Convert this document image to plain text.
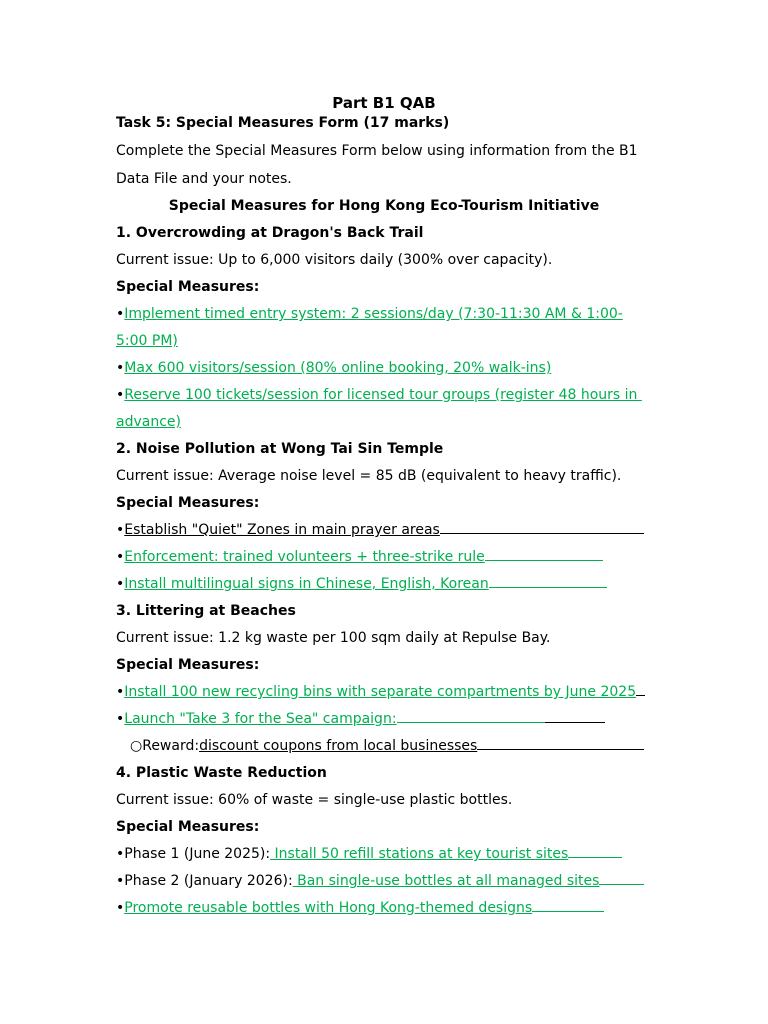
Part B1 QAB
Task 5: Special Measures Form (17 marks)
Complete the Special Measures Form below using information from the B1
Data File and your notes.
Special Measures for Hong Kong Eco-Tourism Initiative
1. Overcrowding at Dragon's Back Trail
Current issue: Up to 6,000 visitors daily (300% over capacity).
Special Measures:
•Implement timed entry system: 2 sessions/day (7:30-11:30 AM & 1:00-
5:00 PM)
•Max 600 visitors/session (80% online booking, 20% walk-ins)
•Reserve 100 tickets/session for licensed tour groups (register 48 hours in
advance)
2. Noise Pollution at Wong Tai Sin Temple
Current issue: Average noise level = 85 dB (equivalent to heavy traffic).
Special Measures:
•Establish "Quiet" Zones in main prayer areas
•Enforcement: trained volunteers + three-strike rule
•Install multilingual signs in Chinese, English, Korean
3. Littering at Beaches
Current issue: 1.2 kg waste per 100 sqm daily at Repulse Bay.
Special Measures:
•Install 100 new recycling bins with separate compartments by June 2025
•Launch "Take 3 for the Sea" campaign:
○Reward:discount coupons from local businesses
4. Plastic Waste Reduction
Current issue: 60% of waste = single-use plastic bottles.
Special Measures:
•Phase 1 (June 2025): Install 50 refill stations at key tourist sites
•Phase 2 (January 2026): Ban single-use bottles at all managed sites
•Promote reusable bottles with Hong Kong-themed designs
